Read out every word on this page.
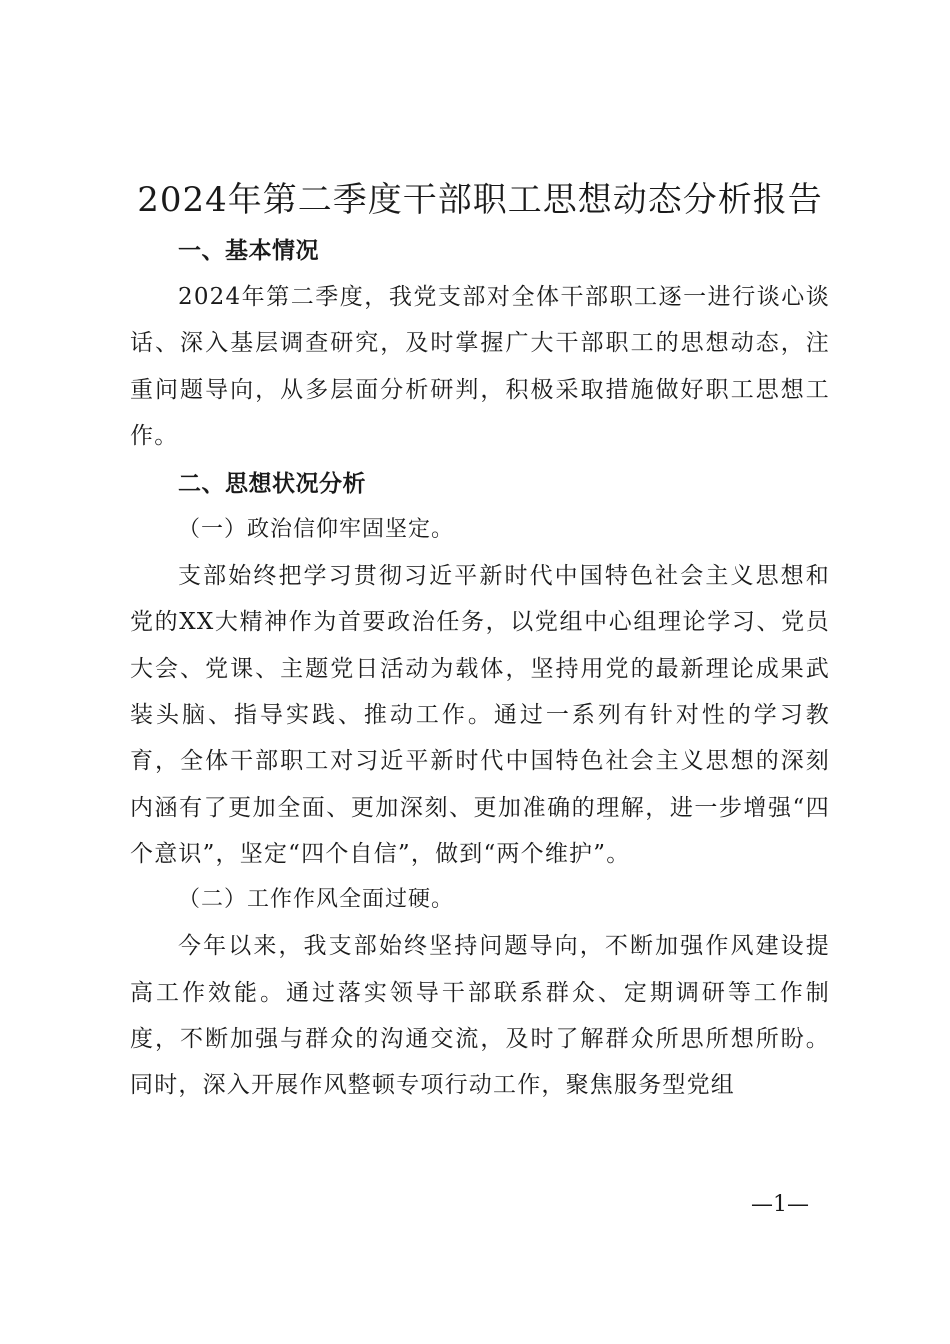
2024年第二季度干部职工思想动态分析报告

一、基本情况

2024年第二季度，我党支部对全体干部职工逐一进行谈心谈话、深入基层调查研究，及时掌握广大干部职工的思想动态，注重问题导向，从多层面分析研判，积极采取措施做好职工思想工作。

二、思想状况分析

（一）政治信仰牢固坚定。

支部始终把学习贯彻习近平新时代中国特色社会主义思想和党的XX大精神作为首要政治任务，以党组中心组理论学习、党员大会、党课、主题党日活动为载体，坚持用党的最新理论成果武装头脑、指导实践、推动工作。通过一系列有针对性的学习教育，全体干部职工对习近平新时代中国特色社会主义思想的深刻内涵有了更加全面、更加深刻、更加准确的理解，进一步增强“四个意识”，坚定“四个自信”，做到“两个维护”。

（二）工作作风全面过硬。

今年以来，我支部始终坚持问题导向，不断加强作风建设提高工作效能。通过落实领导干部联系群众、定期调研等工作制度，不断加强与群众的沟通交流，及时了解群众所思所想所盼。同时，深入开展作风整顿专项行动工作，聚焦服务型党组

—1—
